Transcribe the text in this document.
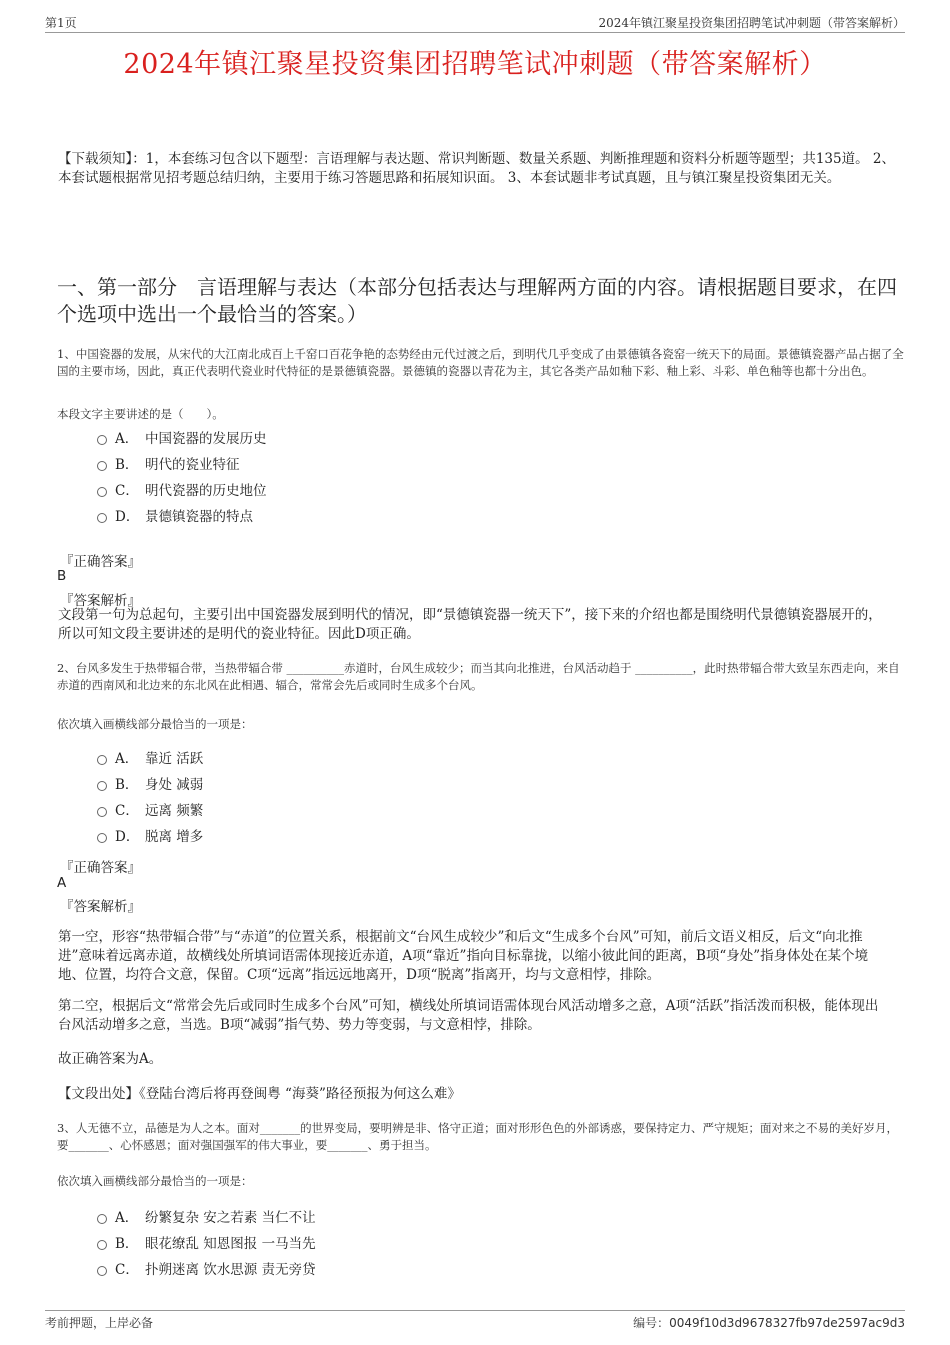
第1页	2024年镇江聚星投资集团招聘笔试冲刺题（带答案解析）
2024年镇江聚星投资集团招聘笔试冲刺题（带答案解析）
【下载须知】：1，本套练习包含以下题型：言语理解与表达题、常识判断题、数量关系题、判断推理题和资料分析题等题型；共135道。 2、本套试题根据常见招考题总结归纳，主要用于练习答题思路和拓展知识面。 3、本套试题非考试真题，且与镇江聚星投资集团无关。
一、第一部分　言语理解与表达（本部分包括表达与理解两方面的内容。请根据题目要求，在四个选项中选出一个最恰当的答案。）
1、中国瓷器的发展，从宋代的大江南北成百上千窑口百花争艳的态势经由元代过渡之后，到明代几乎变成了由景德镇各瓷窑一统天下的局面。景德镇瓷器产品占据了全国的主要市场，因此，真正代表明代瓷业时代特征的是景德镇瓷器。景德镇的瓷器以青花为主，其它各类产品如釉下彩、釉上彩、斗彩、单色釉等也都十分出色。
本段文字主要讲述的是（　　）。
A． 中国瓷器的发展历史
B． 明代的瓷业特征
C． 明代瓷器的历史地位
D． 景德镇瓷器的特点
『正确答案』
B
『答案解析』
文段第一句为总起句，主要引出中国瓷器发展到明代的情况，即“景德镇瓷器一统天下”，接下来的介绍也都是围绕明代景德镇瓷器展开的，所以可知文段主要讲述的是明代的瓷业特征。因此D项正确。
2、台风多发生于热带辐合带，当热带辐合带 __________赤道时，台风生成较少；而当其向北推进，台风活动趋于 __________，此时热带辐合带大致呈东西走向，来自赤道的西南风和北边来的东北风在此相遇、辐合，常常会先后或同时生成多个台风。
依次填入画横线部分最恰当的一项是：
A． 靠近 活跃
B． 身处 减弱
C． 远离 频繁
D． 脱离 增多
『正确答案』
A
『答案解析』
第一空，形容“热带辐合带”与“赤道”的位置关系，根据前文“台风生成较少”和后文“生成多个台风”可知，前后文语义相反，后文“向北推进”意味着远离赤道，故横线处所填词语需体现接近赤道，A项“靠近”指向目标靠拢，以缩小彼此间的距离，B项“身处”指身体处在某个境地、位置，均符合文意，保留。C项“远离”指远远地离开，D项“脱离”指离开，均与文意相悖，排除。
第二空，根据后文“常常会先后或同时生成多个台风”可知，横线处所填词语需体现台风活动增多之意，A项“活跃”指活泼而积极，能体现出台风活动增多之意，当选。B项“减弱”指气势、势力等变弱，与文意相悖，排除。
故正确答案为A。
【文段出处】《登陆台湾后将再登闽粤 “海葵”路径预报为何这么难》
3、人无德不立，品德是为人之本。面对_______的世界变局，要明辨是非、恪守正道；面对形形色色的外部诱惑，要保持定力、严守规矩；面对来之不易的美好岁月，要_______、心怀感恩；面对强国强军的伟大事业，要_______、勇于担当。
依次填入画横线部分最恰当的一项是：
A． 纷繁复杂 安之若素 当仁不让
B． 眼花缭乱 知恩图报 一马当先
C． 扑朔迷离 饮水思源 责无旁贷
考前押题，上岸必备	编号：0049f10d3d9678327fb97de2597ac9d3
